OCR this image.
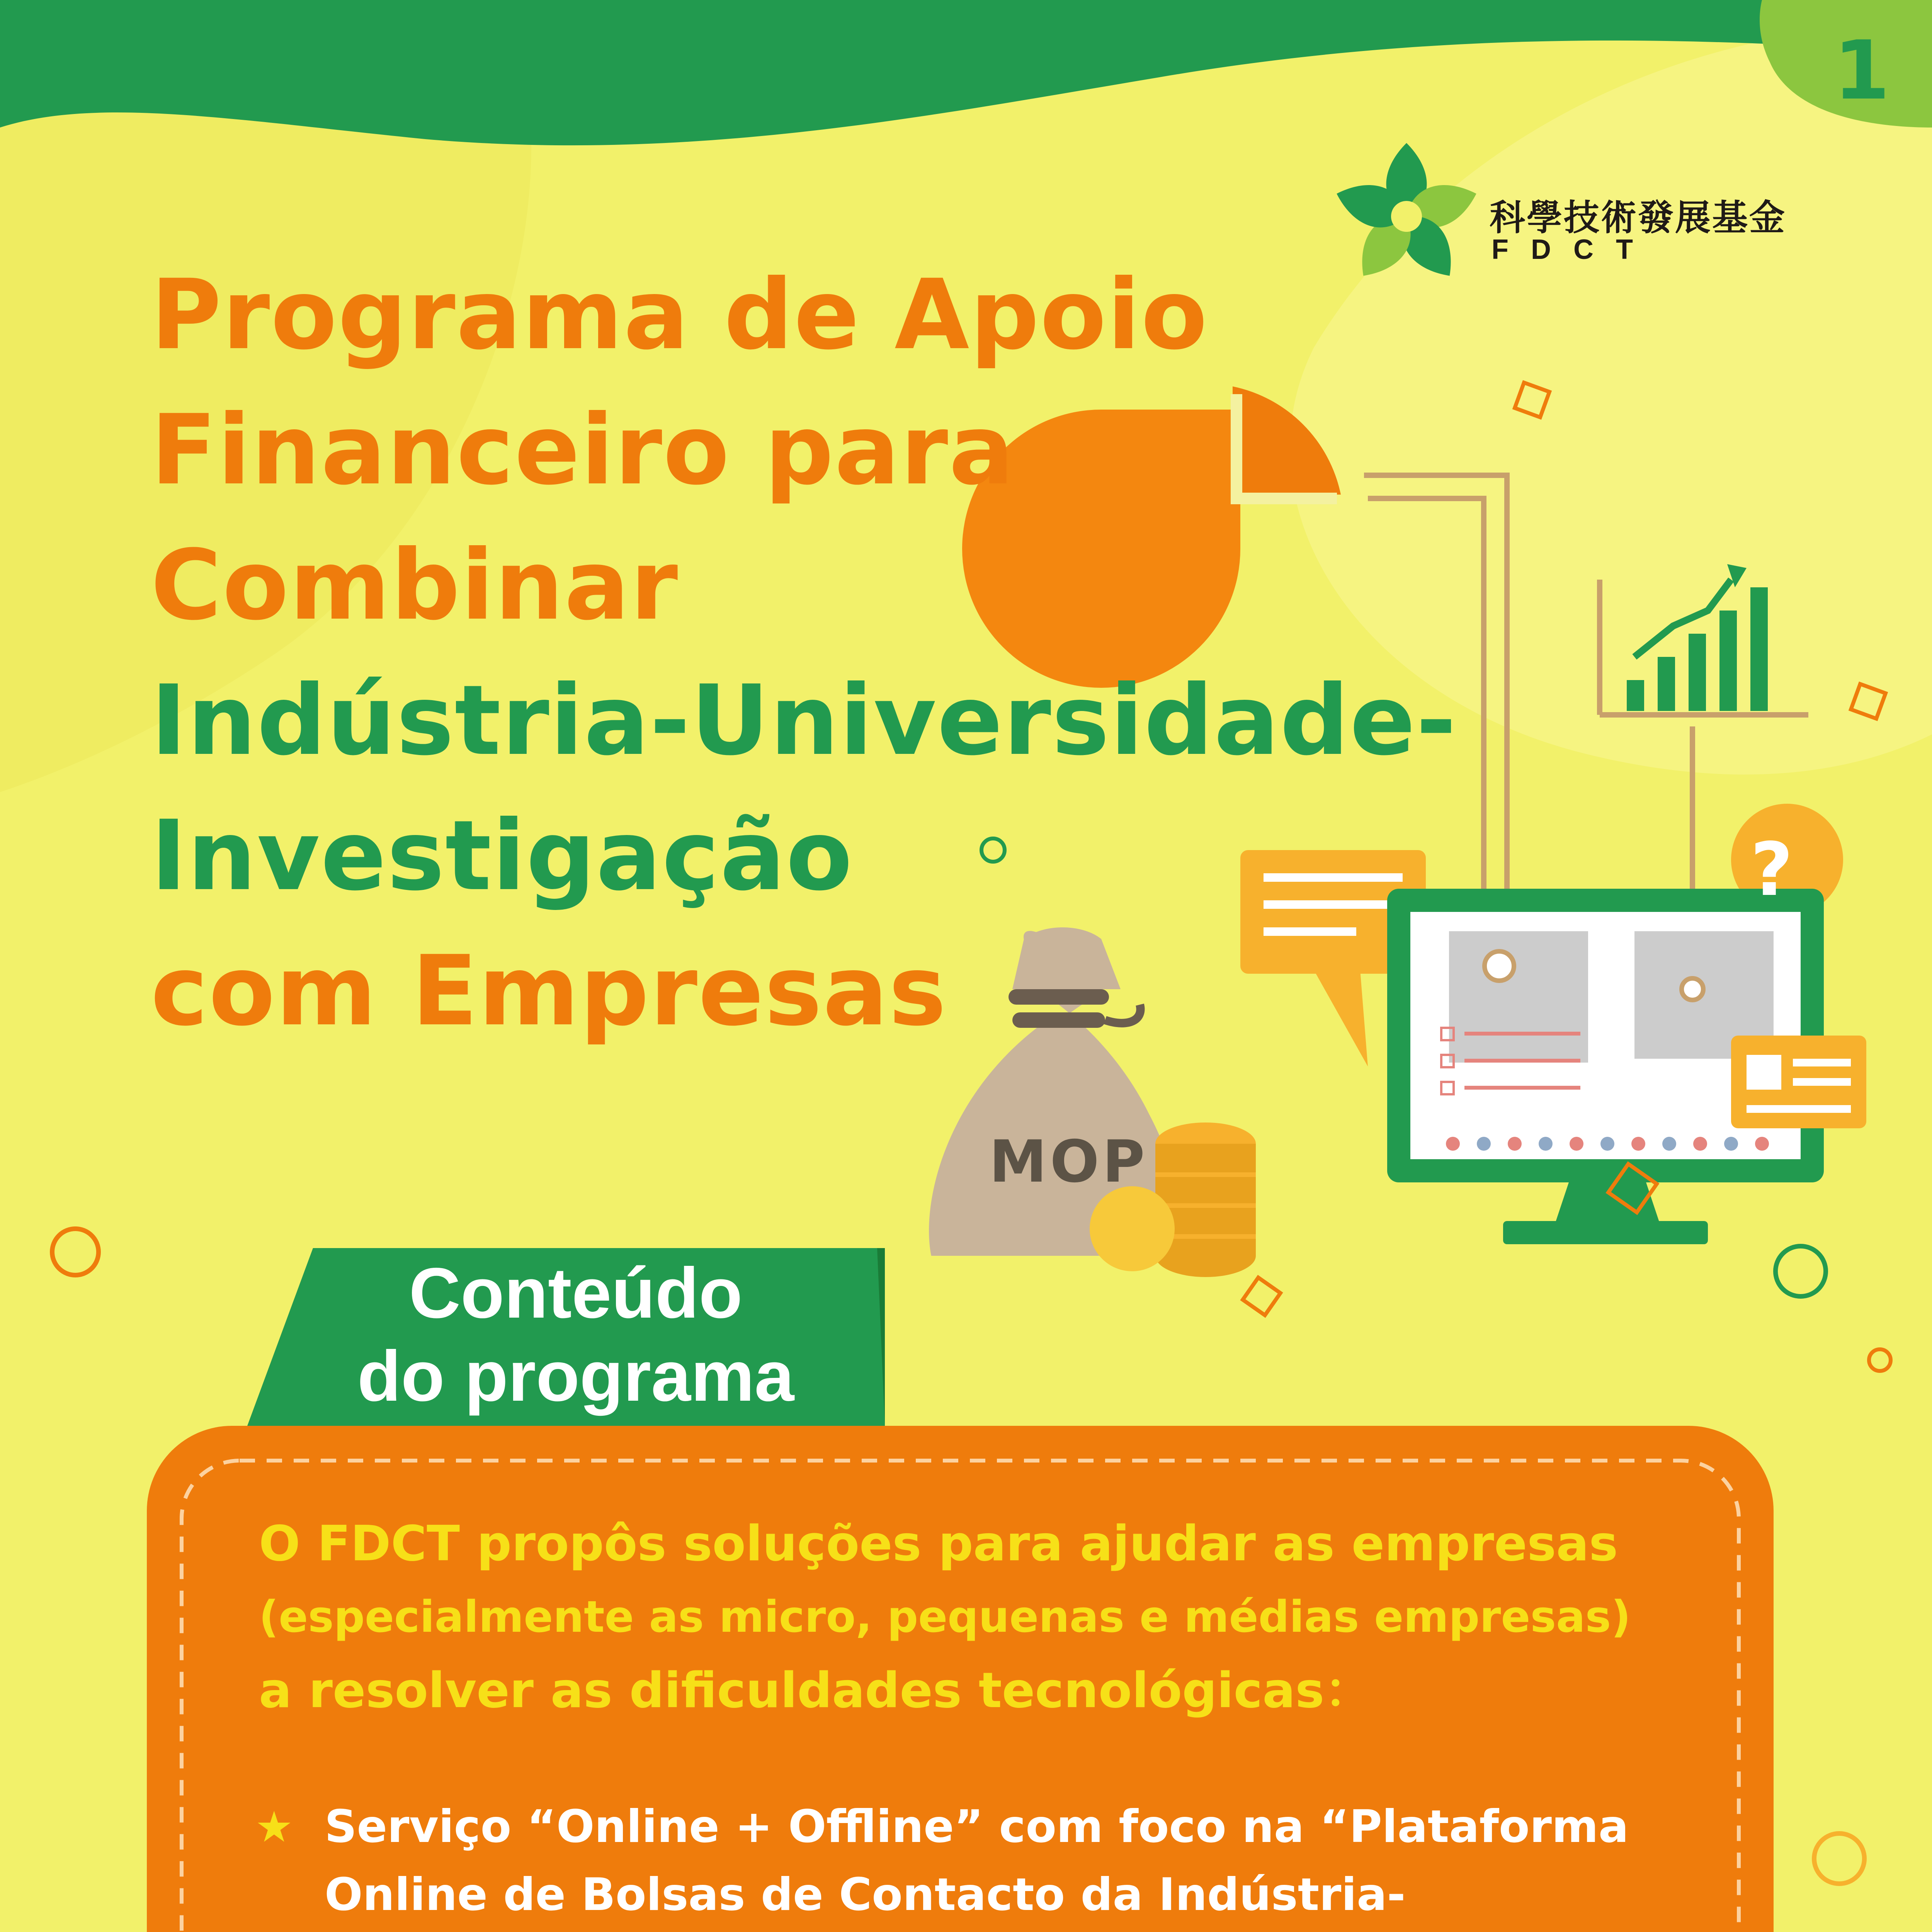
1
科學技術發展基金
FDCT
Programa de Apoio
Financeiro para
Combinar
Indústria-Universidade-
Investigação
com Empresas
MOP
?
Conteúdo
do programa
O FDCT propôs soluções para ajudar as empresas
(especialmente as micro, pequenas e médias empresas)
a resolver as dificuldades tecnológicas：
★ Serviço “Online + Offline” com foco na “Plataforma
Online de Bolsas de Contacto da Indústria-
